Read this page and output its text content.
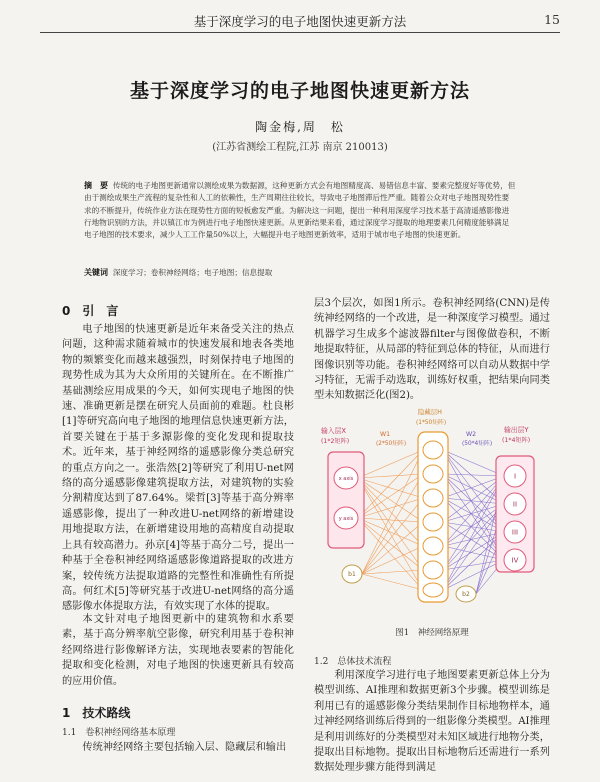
基于深度学习的电子地图快速更新方法	15
基于深度学习的电子地图快速更新方法
陶金梅,周　松
(江苏省测绘工程院,江苏 南京 210013)
摘　要 传统的电子地图更新通常以测绘成果为数据源，这种更新方式会有地图精度高、易错信息丰富、要素完整度好等优势，但由于测绘成果生产流程的复杂性和人工的依赖性，生产周期往往较长，导致电子地图滞后性严重。随着公众对电子地图现势性要求的不断提升，传统作业方法在现势性方面的短板愈发严重。为解决这一问题，提出一种利用深度学习技术基于高清遥感影像进行地物识别的方法，并以镇江市为例进行电子地图快速更新。从更新结果来看，通过深度学习提取的地理要素几何精度能够满足电子地图的技术要求，减少人工工作量50%以上，大幅提升电子地图更新效率，适用于城市电子地图的快速更新。
关键词 深度学习；卷积神经网络；电子地图；信息提取
0　引　言
电子地图的快速更新是近年来备受关注的热点问题，这种需求随着城市的快速发展和地表各类地物的频繁变化而越来越强烈，时刻保持电子地图的现势性成为其为大众所用的关键所在。在不断推广基础测绘应用成果的今天，如何实现电子地图的快速、准确更新是摆在研究人员面前的难题。杜良彬[1]等研究高向电子地图的地理信息快速更新方法，首要关键在于基于多源影像的变化发现和提取技术。近年来，基于神经网络的遥感影像分类总研究的重点方向之一。张浩然[2]等研究了利用U-net网络的高分遥感影像建筑提取方法，对建筑物的实验分割精度达到了87.64%。梁哲[3]等基于高分辨率遥感影像，提出了一种改进U-net网络的新增建设用地提取方法，在新增建设用地的高精度自动提取上具有较高潜力。孙京[4]等基于高分二号，提出一种基于全卷积神经网络遥感影像道路提取的改进方案，较传统方法提取道路的完整性和准确性有所提高。何红术[5]等研究基于改进U-net网络的高分遥感影像水体提取方法，有效实现了水体的提取。
本文针对电子地图更新中的建筑物和水系要素，基于高分辨率航空影像，研究利用基于卷积神经网络进行影像解译方法，实现地表要素的智能化提取和变化检测，对电子地图的快速更新具有较高的应用价值。
1　技术路线
1.1　卷积神经网络基本原理
传统神经网络主要包括输入层、隐藏层和输出
层3个层次，如图1所示。卷积神经网络(CNN)是传统神经网络的一个改进，是一种深度学习模型。通过机器学习生成多个滤波器filter与图像做卷积，不断地提取特征，从局部的特征到总体的特征，从而进行图像识别等功能。卷积神经网络可以自动从数据中学习特征，无需手动选取，训练好权重，把结果向同类型未知数据泛化(图2)。
输入层X
(1*2矩阵)
x axis
y axis
b1
W1
(2*50矩阵)
隐藏层H
(1*50矩阵)
W2
(50*4矩阵)
b2
输出层Y
(1*4矩阵)
I
II
III
IV
图1　神经网络原理
1.2　总体技术流程
利用深度学习进行电子地图要素更新总体上分为模型训练、AI推理和数据更新3个步骤。模型训练是利用已有的遥感影像分类结果制作目标地物样本，通过神经网络训练后得到的一组影像分类模型。AI推理是利用训练好的分类模型对未知区域进行地物分类，提取出目标地物。提取出目标地物后还需进行一系列数据处理步骤方能得到满足
